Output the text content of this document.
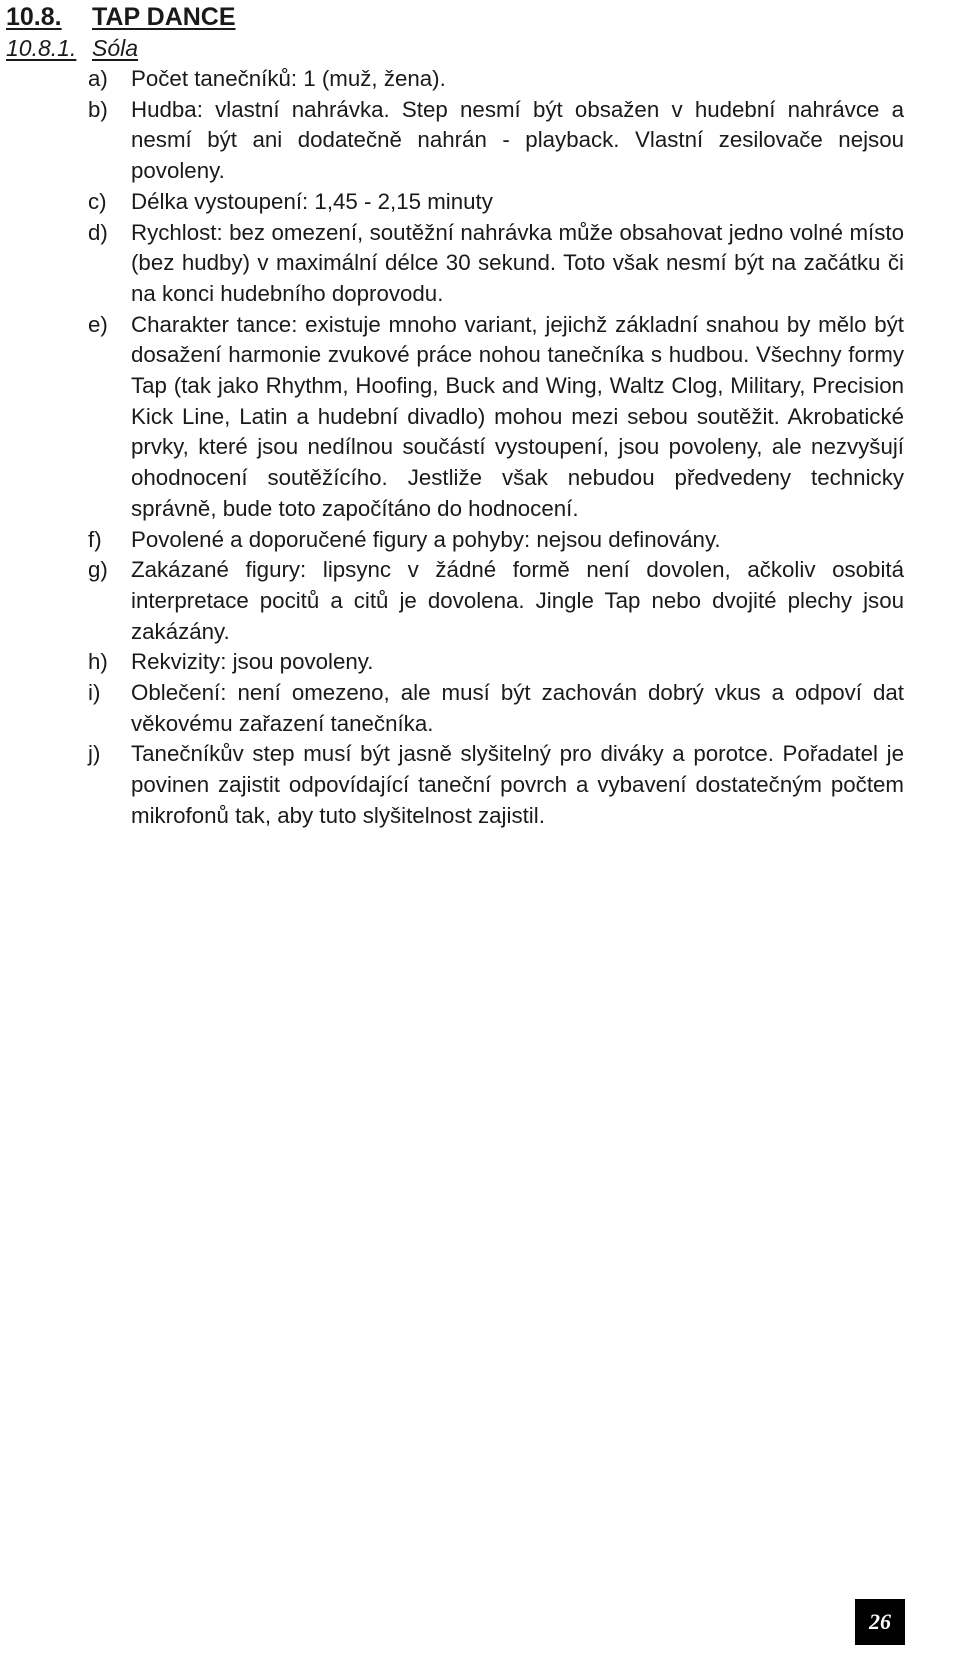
10.8. TAP DANCE
10.8.1. Sóla
a)	Počet tanečníků: 1 (muž, žena).
b)	Hudba: vlastní nahrávka. Step nesmí být obsažen v hudební nahrávce a nesmí být ani dodatečně nahrán - playback. Vlastní zesilovače nejsou povoleny.
c)	Délka vystoupení: 1,45 - 2,15 minuty
d)	Rychlost: bez omezení, soutěžní nahrávka může obsahovat jedno volné místo (bez hudby) v maximální délce 30 sekund. Toto však nesmí být na začátku či na konci hudebního doprovodu.
e)	Charakter tance: existuje mnoho variant, jejichž základní snahou by mělo být dosažení harmonie zvukové práce nohou tanečníka s hudbou. Všechny formy Tap (tak jako Rhythm, Hoofing, Buck and Wing, Waltz Clog, Military, Precision Kick Line, Latin a hudební divadlo) mohou mezi sebou soutěžit. Akrobatické prvky, které jsou nedílnou součástí vystoupení, jsou povoleny, ale nezvyšují ohodnocení soutěžícího. Jestliže však nebudou předvedeny technicky správně, bude toto započítáno do hodnocení.
f)	Povolené a doporučené figury a pohyby: nejsou definovány.
g)	Zakázané figury: lipsync v žádné formě není dovolen, ačkoliv osobitá interpretace pocitů a citů je dovolena. Jingle Tap nebo dvojité plechy jsou zakázány.
h)	Rekvizity: jsou povoleny.
i)	Oblečení: není omezeno, ale musí být zachován dobrý vkus a odpoví dat věkovému zařazení tanečníka.
j)	Tanečníkův step musí být jasně slyšitelný pro diváky a porotce. Pořadatel je povinen zajistit odpovídající taneční povrch a vybavení dostatečným počtem mikrofonů tak, aby tuto slyšitelnost zajistil.
26
